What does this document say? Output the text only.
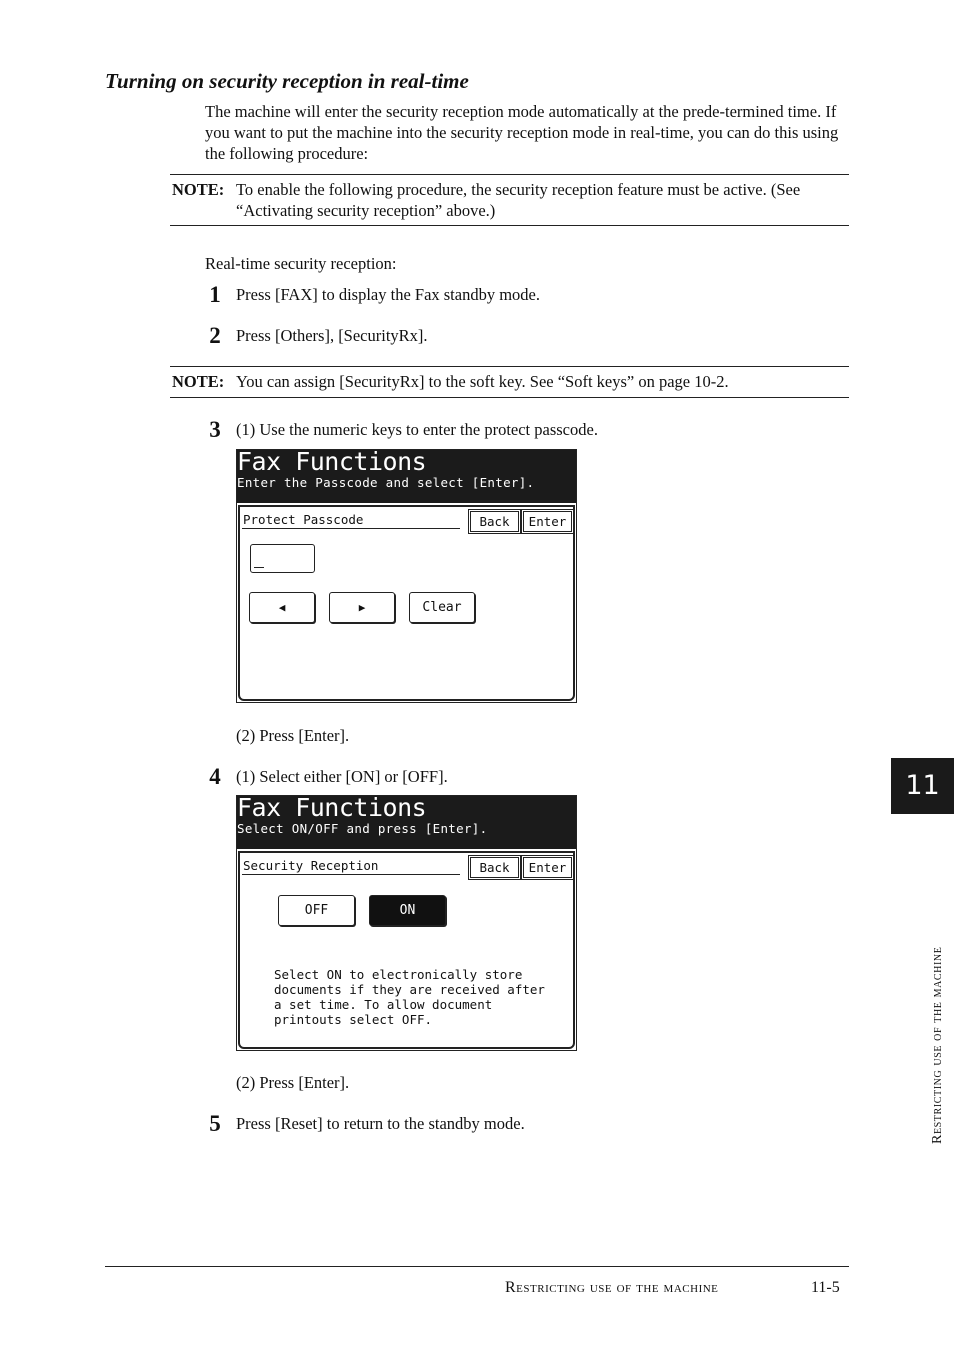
Turning on security reception in real-time
The machine will enter the security reception mode automatically at the prede-termined time. If you want to put the machine into the security reception mode in real-time, you can do this using the following procedure:
NOTE: To enable the following procedure, the security reception feature must be active. (See “Activating security reception” above.)
Real-time security reception:
1 Press [FAX] to display the Fax standby mode.
2 Press [Others], [SecurityRx].
NOTE: You can assign [SecurityRx] to the soft key. See “Soft keys” on page 10-2.
3 (1) Use the numeric keys to enter the protect passcode.
Fax Functions
Enter the Passcode and select [Enter].
Protect Passcode	Back	Enter
◀	▶	Clear
(2) Press [Enter].
4 (1) Select either [ON] or [OFF].
Fax Functions
Select ON/OFF and press [Enter].
Security Reception	Back	Enter
OFF	ON
Select ON to electronically store
documents if they are received after
a set time. To allow document
printouts select OFF.
(2) Press [Enter].
5 Press [Reset] to return to the standby mode.
11
Restricting use of the machine
Restricting use of the machine	11-5
